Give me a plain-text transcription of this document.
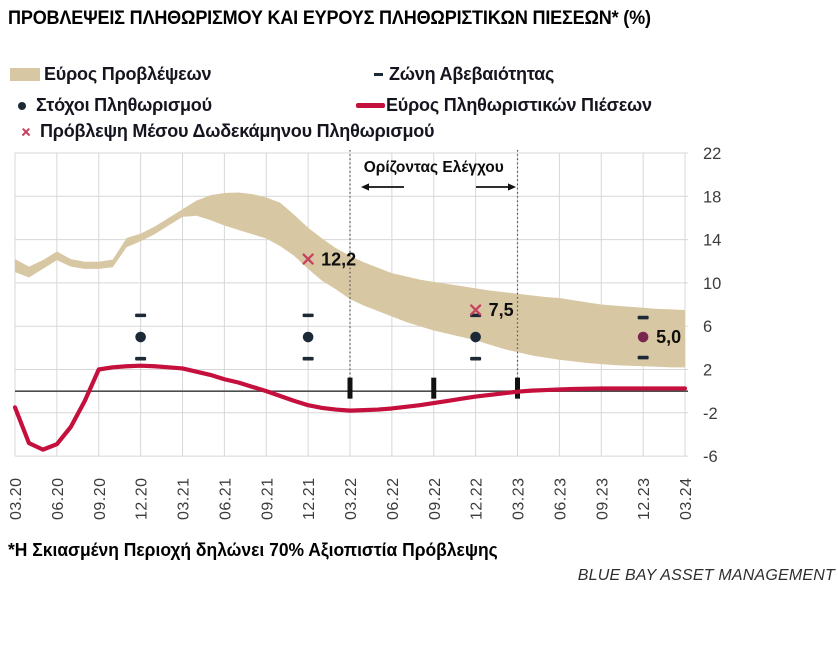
ΠΡΟΒΛΕΨΕΙΣ ΠΛΗΘΩΡΙΣΜΟΥ ΚΑΙ ΕΥΡΟΥΣ ΠΛΗΘΩΡΙΣΤΙΚΩΝ ΠΙΕΣΕΩΝ* (%)
Εύρος Προβλέψεων	Ζώνη Αβεβαιότητας
Στόχοι Πληθωρισμού	Εύρος Πληθωριστικών Πιέσεων
Πρόβλεψη Μέσου Δωδεκάμηνου Πληθωρισμού
Ορίζοντας Ελέγχου
12,2
7,5
5,0
22
18
14
10
6
2
-2
-6
03.20 06.20 09.20 12.20 03.21 06.21 09.21 12.21 03.22 06.22 09.22 12.22 03.23 06.23 09.23 12.23 03.24
*Η Σκιασμένη Περιοχή δηλώνει 70% Αξιοπιστία Πρόβλεψης
BLUE BAY ASSET MANAGEMENT
